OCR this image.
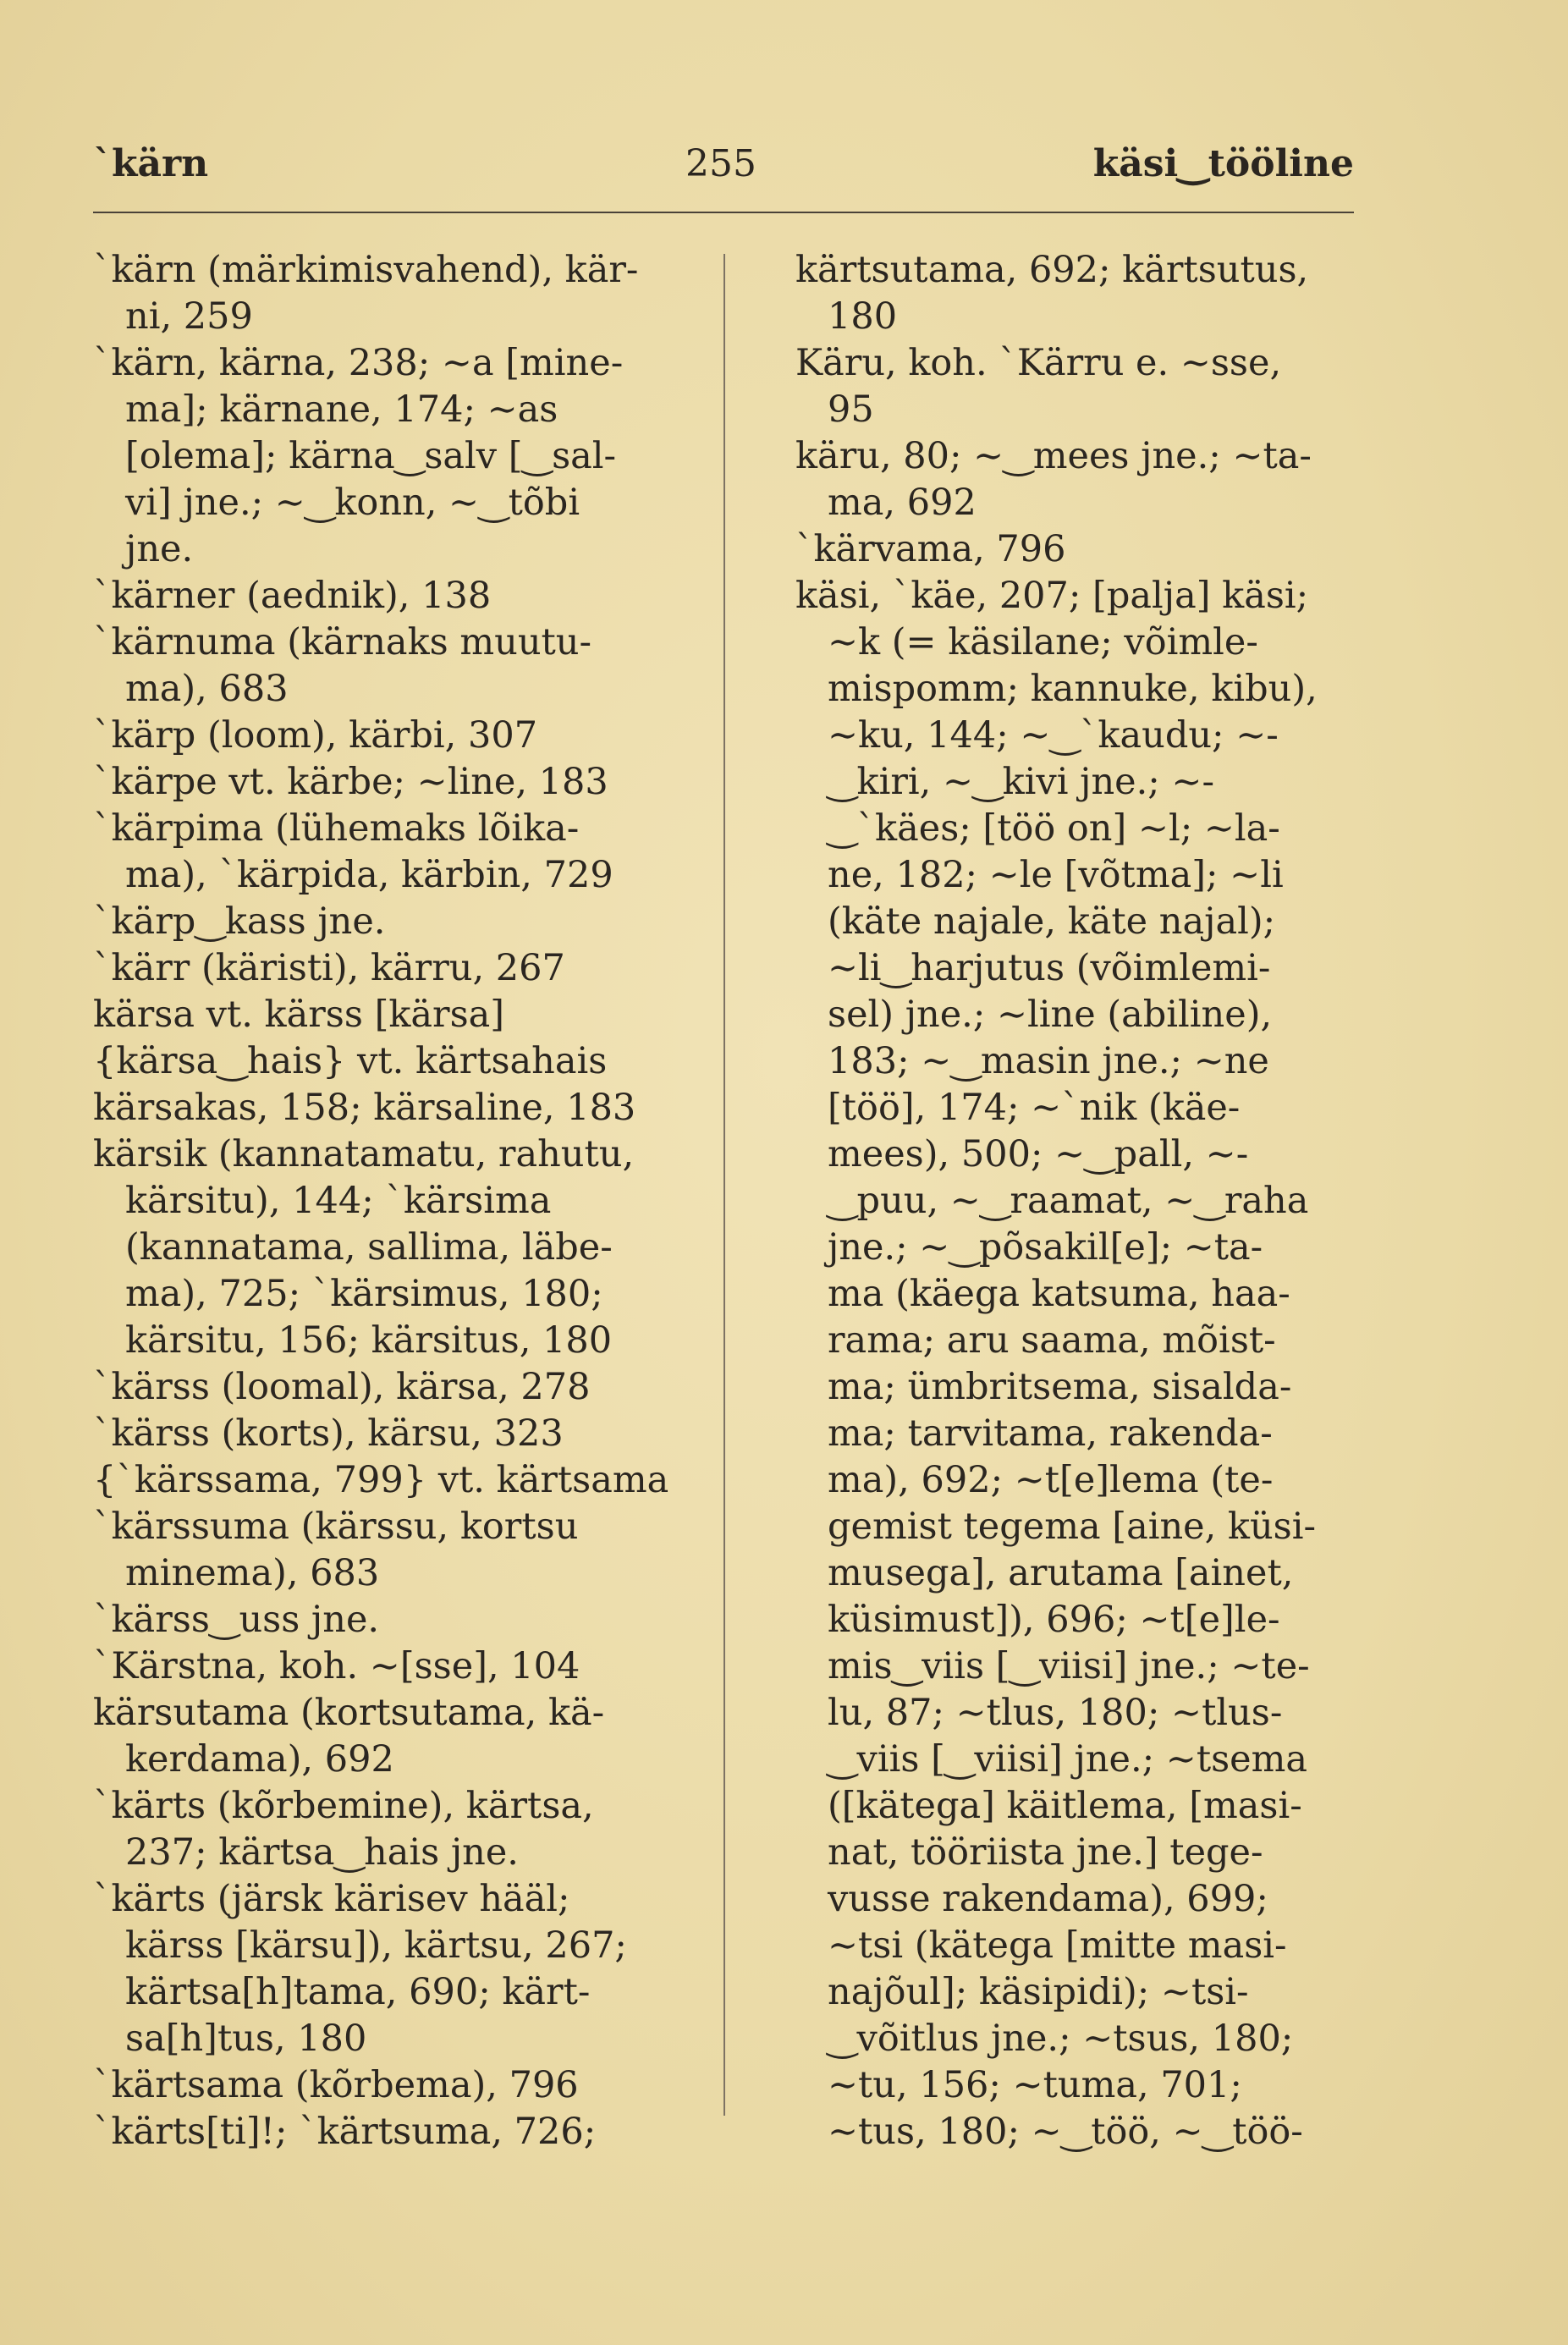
ˋkärn	255	käsi‿tööline
ˋkärn (märkimisvahend), kär-
ni, 259
ˋkärn, kärna, 238; ∼a [mine-
ma]; kärnane, 174; ∼as
[olema]; kärna‿salv [‿sal-
vi] jne.; ∼‿konn, ∼‿tõbi
jne.
ˋkärner (aednik), 138
ˋkärnuma (kärnaks muutu-
ma), 683
ˋkärp (loom), kärbi, 307
ˋkärpe vt. kärbe; ∼line, 183
ˋkärpima (lühemaks lõika-
ma), ˋkärpida, kärbin, 729
ˋkärp‿kass jne.
ˋkärr (käristi), kärru, 267
kärsa vt. kärss [kärsa]
{kärsa‿hais} vt. kärtsahais
kärsakas, 158; kärsaline, 183
kärsik (kannatamatu, rahutu,
kärsitu), 144; ˋkärsima
(kannatama, sallima, läbe-
ma), 725; ˋkärsimus, 180;
kärsitu, 156; kärsitus, 180
ˋkärss (loomal), kärsa, 278
ˋkärss (korts), kärsu, 323
{ˋkärssama, 799} vt. kärtsama
ˋkärssuma (kärssu, kortsu
minema), 683
ˋkärss‿uss jne.
ˋKärstna, koh. ∼[sse], 104
kärsutama (kortsutama, kä-
kerdama), 692
ˋkärts (kõrbemine), kärtsa,
237; kärtsa‿hais jne.
ˋkärts (järsk kärisev hääl;
kärss [kärsu]), kärtsu, 267;
kärtsa[h]tama, 690; kärt-
sa[h]tus, 180
ˋkärtsama (kõrbema), 796
ˋkärts[ti]!; ˋkärtsuma, 726;
kärtsutama, 692; kärtsutus,
180
Käru, koh. ˋKärru e. ∼sse,
95
käru, 80; ∼‿mees jne.; ∼ta-
ma, 692
ˋkärvama, 796
käsi, ˋkäe, 207; [palja] käsi;
∼k (= käsilane; võimle-
mispomm; kannuke, kibu),
∼ku, 144; ∼‿ˋkaudu; ∼-
‿kiri, ∼‿kivi jne.; ∼-
‿ˋkäes; [töö on] ∼l; ∼la-
ne, 182; ∼le [võtma]; ∼li
(käte najale, käte najal);
∼li‿harjutus (võimlemi-
sel) jne.; ∼line (abiline),
183; ∼‿masin jne.; ∼ne
[töö], 174; ∼ˋnik (käe-
mees), 500; ∼‿pall, ∼-
‿puu, ∼‿raamat, ∼‿raha
jne.; ∼‿põsakil[e]; ∼ta-
ma (käega katsuma, haa-
rama; aru saama, mõist-
ma; ümbritsema, sisalda-
ma; tarvitama, rakenda-
ma), 692; ∼t[e]lema (te-
gemist tegema [aine, küsi-
musega], arutama [ainet,
küsimust]), 696; ∼t[e]le-
mis‿viis [‿viisi] jne.; ∼te-
lu, 87; ∼tlus, 180; ∼tlus-
‿viis [‿viisi] jne.; ∼tsema
([kätega] käitlema, [masi-
nat, tööriista jne.] tege-
vusse rakendama), 699;
∼tsi (kätega [mitte masi-
najõul]; käsipidi); ∼tsi-
‿võitlus jne.; ∼tsus, 180;
∼tu, 156; ∼tuma, 701;
∼tus, 180; ∼‿töö, ∼‿töö-
